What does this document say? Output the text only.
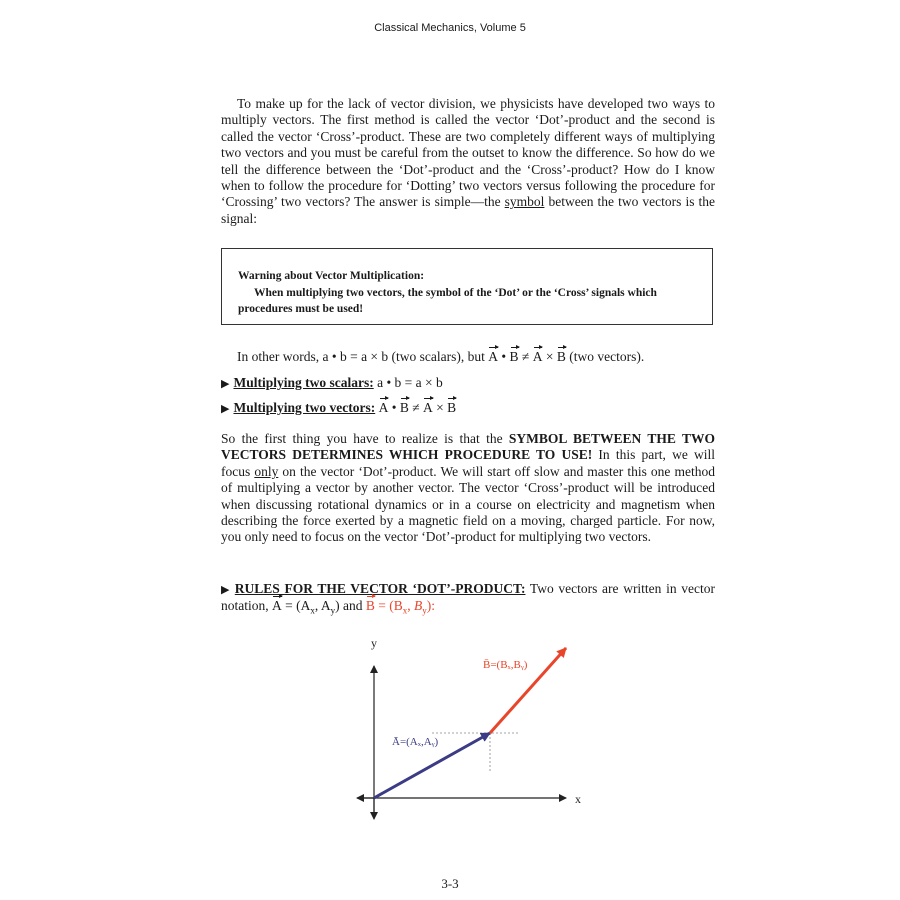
Classical Mechanics, Volume 5
To make up for the lack of vector division, we physicists have developed two ways to multiply vectors. The first method is called the vector ‘Dot’-product and the second is called the vector ‘Cross’-product. These are two completely different ways of multiplying two vectors and you must be careful from the outset to know the difference. So how do we tell the difference between the ‘Dot’-product and the ‘Cross’-product? How do I know when to follow the procedure for ‘Dotting’ two vectors versus following the procedure for ‘Crossing’ two vectors? The answer is simple—the symbol between the two vectors is the signal:
Warning about Vector Multiplication:
When multiplying two vectors, the symbol of the ‘Dot’ or the ‘Cross’ signals which procedures must be used!
In other words, a • b = a × b (two scalars), but A • B ≠ A × B (two vectors).
▶ Multiplying two scalars: a • b = a × b
▶ Multiplying two vectors: A • B ≠ A × B
So the first thing you have to realize is that the SYMBOL BETWEEN THE TWO VECTORS DETERMINES WHICH PROCEDURE TO USE! In this part, we will focus only on the vector ‘Dot’-product. We will start off slow and master this one method of multiplying a vector by another vector. The vector ‘Cross’-product will be introduced when discussing rotational dynamics or in a course on electricity and magnetism when describing the force exerted by a magnetic field on a moving, charged particle. For now, you only need to focus on the vector ‘Dot’-product for multiplying two vectors.
▶ RULES FOR THE VECTOR ‘DOT’-PRODUCT: Two vectors are written in vector notation, $A = (A_x$, $A_y$) and $B = (B_x$, $B_y$):
x
y
Ā=(Aₓ,Aᵧ)
B̄=(Bₓ,Bᵧ)
3-3
